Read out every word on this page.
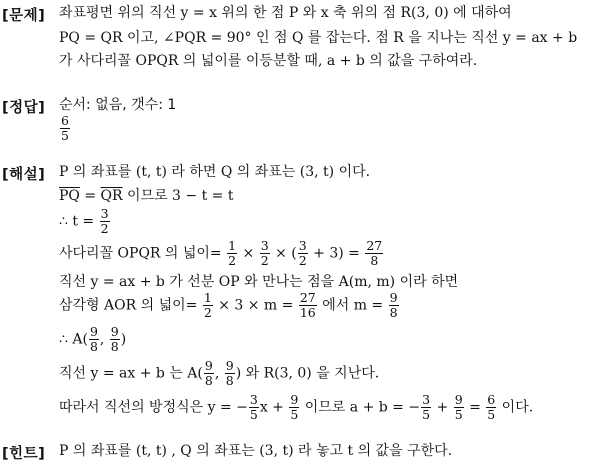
[문제] 좌표평면 위의 직선 y = x 위의 한 점 P 와 x 축 위의 점 R(3, 0) 에 대하여
PQ = QR 이고, ∠PQR = 90° 인 점 Q 를 잡는다. 점 R 을 지나는 직선 y = ax + b
가 사다리꼴 OPQR 의 넓이를 이등분할 때, a + b 의 값을 구하여라.
[정답] 순서: 없음, 갯수: 1
$\frac{6}{5}$
[해설] P 의 좌표를 (t, t) 라 하면 Q 의 좌표는 (3, t) 이다.
$\overline{PQ} = \overline{QR}$ 이므로 3 − t = t
∴ $t = \frac{3}{2}$
사다리꼴 OPQR 의 넓이= $\frac{1}{2} \times \frac{3}{2}$ × ( $\frac{3}{2} + 3) = \frac{27}{8}$
직선 y = ax + b 가 선분 OP 와 만나는 점을 A(m, m) 이라 하면
삼각형 AOR 의 넓이= $\frac{1}{2} \times 3 \times m = \frac{27}{16}$ 에서 $m = \frac{9}{8}$
∴ $A( \frac{9}{8}$ , $\frac{9}{8}$ )
직선 y = ax + b 는 $A( \frac{9}{8}$ , $\frac{9}{8}$ ) 와 R(3, 0) 을 지난다.
따라서 직선의 방정식은 y = − $\frac{3}{5}$ $x + \frac{9}{5}$ 이므로 a + b = − $\frac{3}{5} + \frac{9}{5} = \frac{6}{5}$ 이다.
[힌트] P 의 좌표를 (t, t) , Q 의 좌표는 (3, t) 라 놓고 t 의 값을 구한다.
